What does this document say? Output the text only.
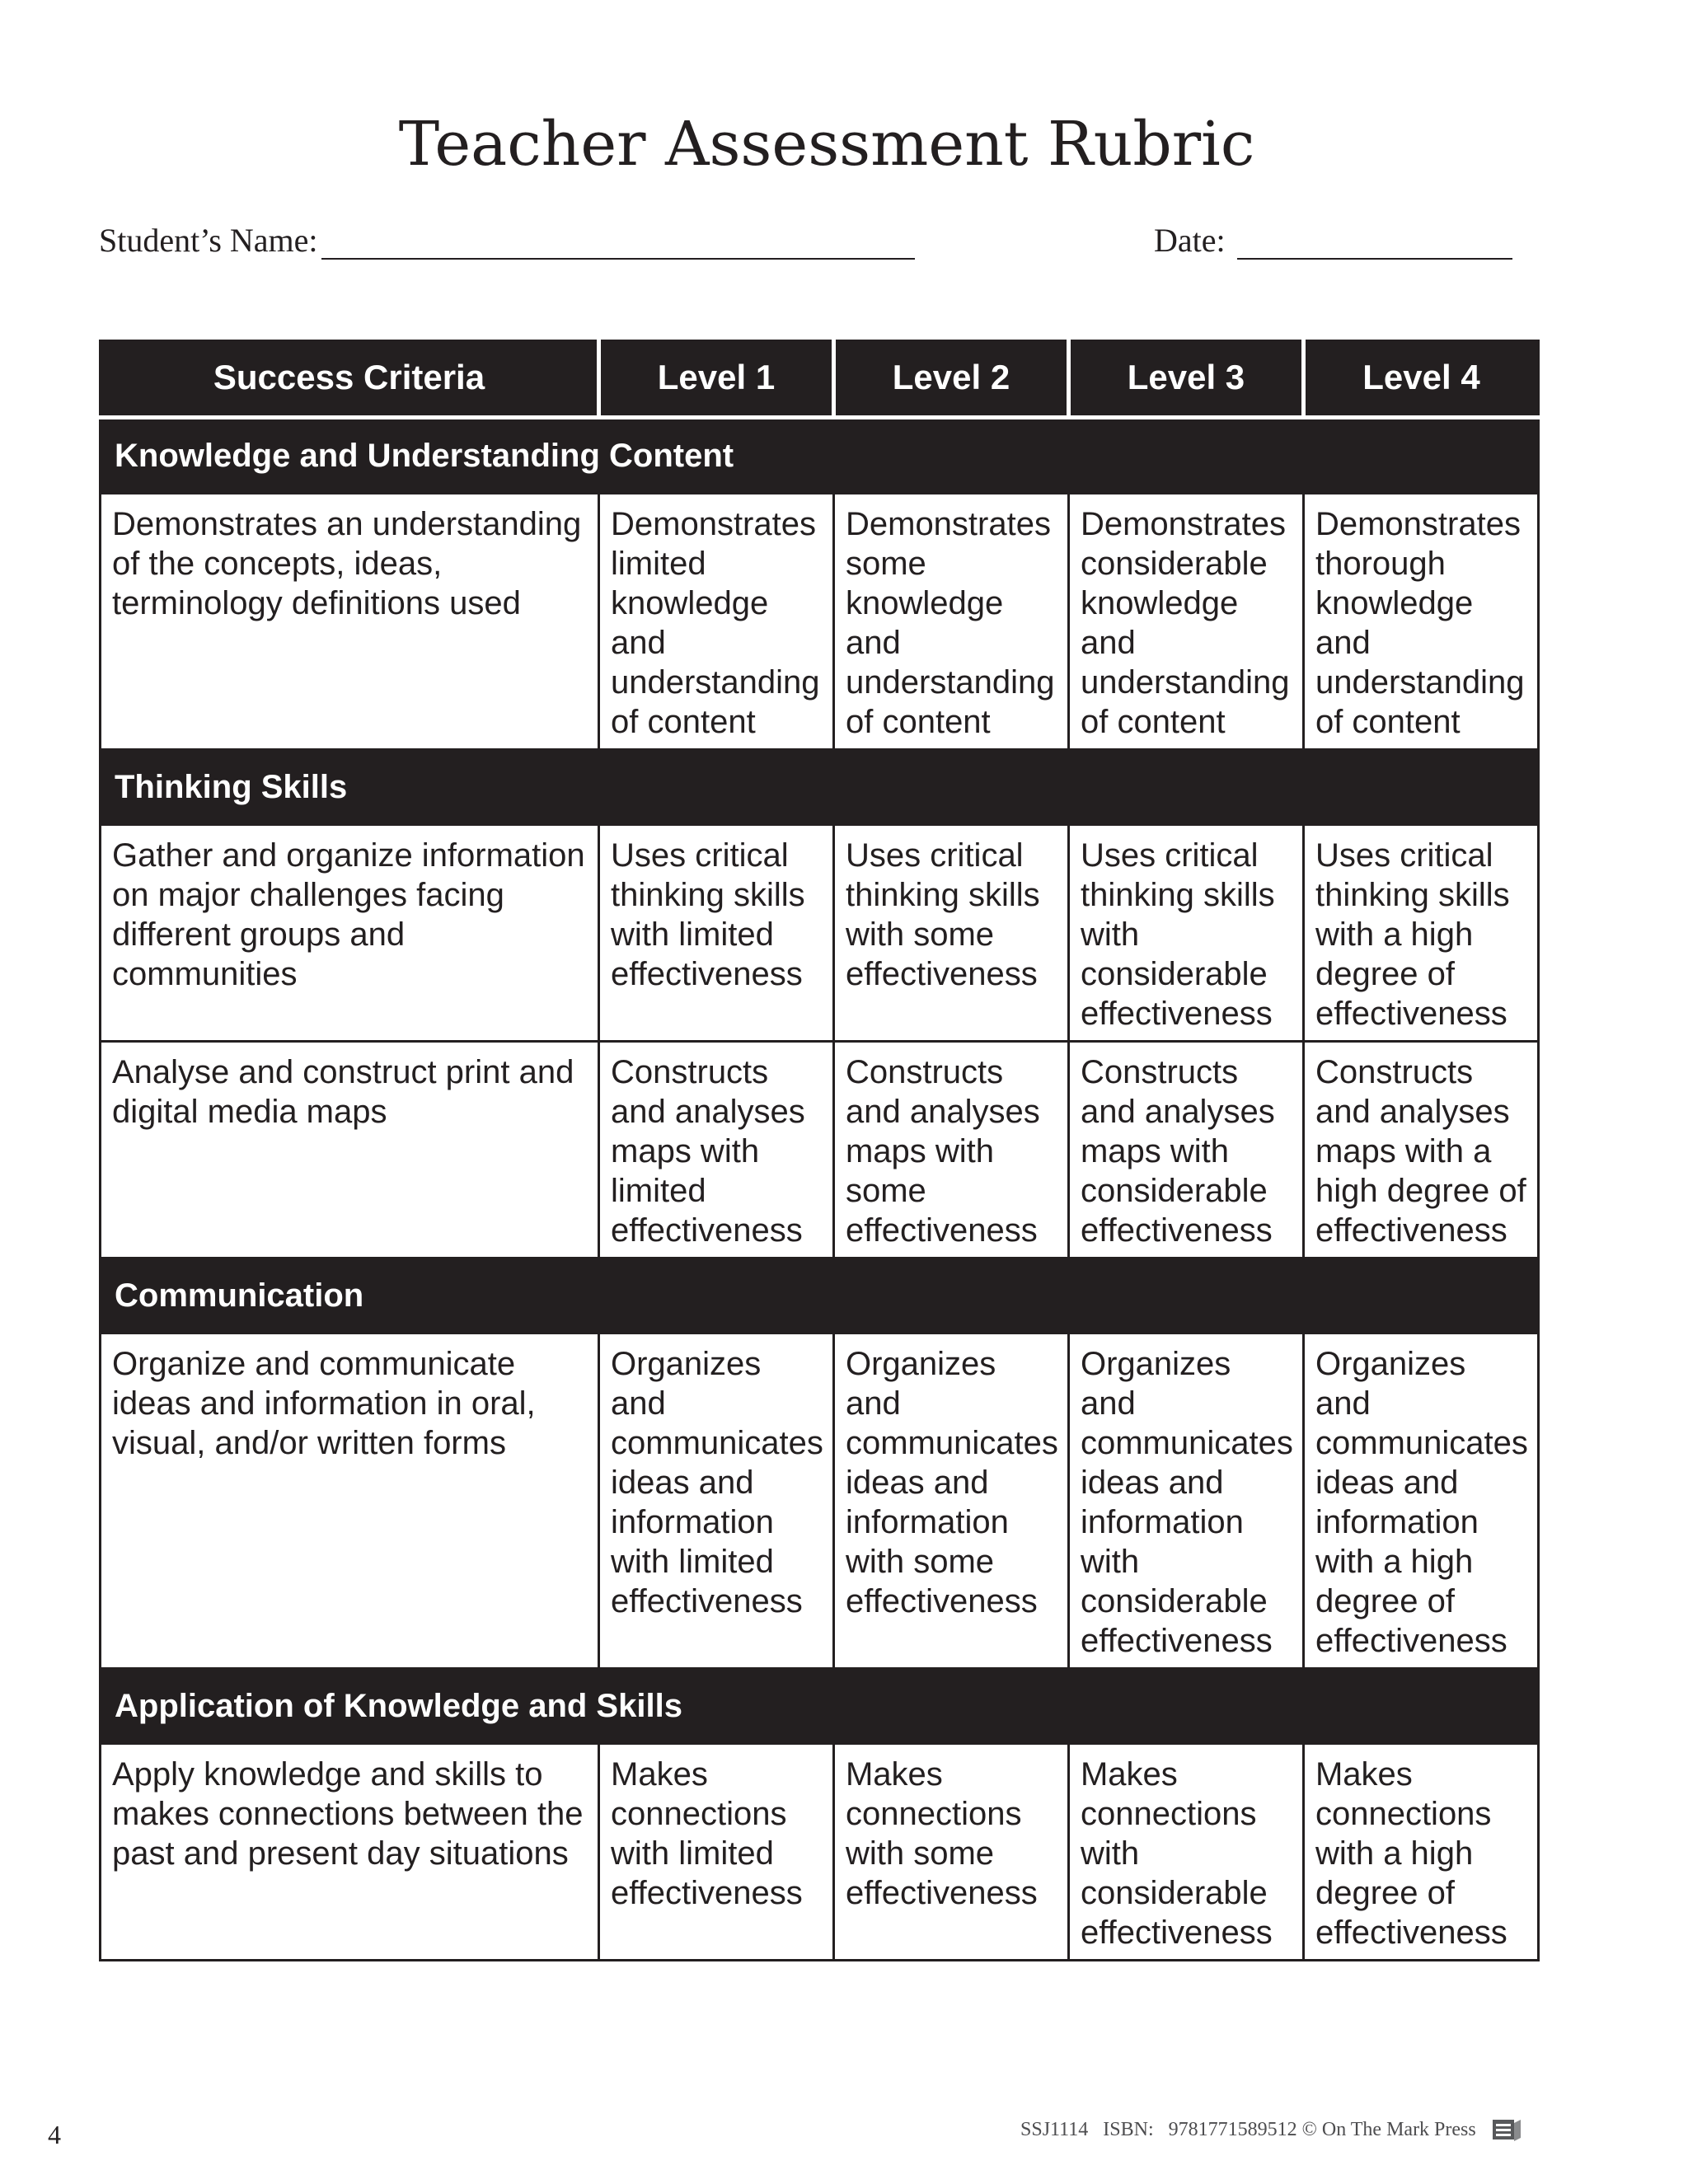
Teacher Assessment Rubric
Student’s Name:	Date:
Success Criteria	Level 1	Level 2	Level 3	Level 4
Knowledge and Understanding Content				
Demonstrates an understanding of the concepts, ideas, terminology definitions used	Demonstrates limited knowledge and understanding of content	Demonstrates some knowledge and understanding of content	Demonstrates considerable knowledge and understanding of content	Demonstrates thorough knowledge and understanding of content
Thinking Skills				
Gather and organize information on major challenges facing different groups and communities	Uses critical thinking skills with limited effectiveness	Uses critical thinking skills with some effectiveness	Uses critical thinking skills with considerable effectiveness	Uses critical thinking skills with a high degree of effectiveness
Analyse and construct print and digital media maps	Constructs and analyses maps with limited effectiveness	Constructs and analyses maps with some effectiveness	Constructs and analyses maps with considerable effectiveness	Constructs and analyses maps with a high degree of effectiveness
Communication				
Organize and communicate ideas and information in oral, visual, and/or written forms	Organizes and communicates ideas and information with limited effectiveness	Organizes and communicates ideas and information with some effectiveness	Organizes and communicates ideas and information with considerable effectiveness	Organizes and communicates ideas and information with a high degree of effectiveness
Application of Knowledge and Skills				
Apply knowledge and skills to makes connections between the past and present day situations	Makes connections with limited effectiveness	Makes connections with some effectiveness	Makes connections with considerable effectiveness	Makes connections with a high degree of effectiveness
4	SSJ1114 ISBN: 9781771589512 © On The Mark Press
